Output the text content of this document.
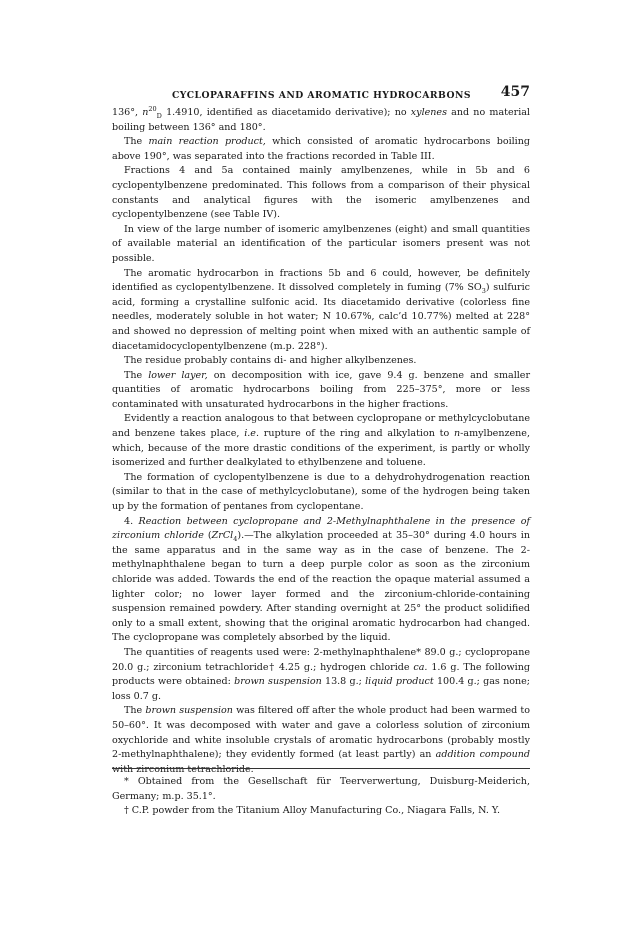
CYCLOPARAFFINS AND AROMATIC HYDROCARBONS 457

136°, $n^{20}_D$ 1.4910, identified as diacetamido derivative); no xylenes and no material boiling between 136° and 180°.

The main reaction product, which consisted of aromatic hydrocarbons boiling above 190°, was separated into the fractions recorded in Table III.

Fractions 4 and 5a contained mainly amylbenzenes, while in 5b and 6 cyclopentylbenzene predominated. This follows from a comparison of their physical constants and analytical figures with the isomeric amylbenzenes and cyclopentylbenzene (see Table IV).

In view of the large number of isomeric amylbenzenes (eight) and small quantities of available material an identification of the particular isomers present was not possible.

The aromatic hydrocarbon in fractions 5b and 6 could, however, be definitely identified as cyclopentylbenzene. It dissolved completely in fuming (7% $SO_3$) sulfuric acid, forming a crystalline sulfonic acid. Its diacetamido derivative (colorless fine needles, moderately soluble in hot water; N 10.67%, calc’d 10.77%) melted at 228° and showed no depression of melting point when mixed with an authentic sample of diacetamidocyclopentylbenzene (m.p. 228°).

The residue probably contains di- and higher alkylbenzenes.

The lower layer, on decomposition with ice, gave 9.4 g. benzene and smaller quantities of aromatic hydrocarbons boiling from 225–375°, more or less contaminated with unsaturated hydrocarbons in the higher fractions.

Evidently a reaction analogous to that between cyclopropane or methylcyclobutane and benzene takes place, i.e. rupture of the ring and alkylation to n-amylbenzene, which, because of the more drastic conditions of the experiment, is partly or wholly isomerized and further dealkylated to ethylbenzene and toluene.

The formation of cyclopentylbenzene is due to a dehydrohydrogenation reaction (similar to that in the case of methylcyclobutane), some of the hydrogen being taken up by the formation of pentanes from cyclopentane.

4. Reaction between cyclopropane and 2-Methylnaphthalene in the presence of zirconium chloride (ZrCl$_4$).—The alkylation proceeded at 35–30° during 4.0 hours in the same apparatus and in the same way as in the case of benzene. The 2-methylnaphthalene began to turn a deep purple color as soon as the zirconium chloride was added. Towards the end of the reaction the opaque material assumed a lighter color; no lower layer formed and the zirconium-chloride-containing suspension remained powdery. After standing overnight at 25° the product solidified only to a small extent, showing that the original aromatic hydrocarbon had changed. The cyclopropane was completely absorbed by the liquid.

The quantities of reagents used were: 2-methylnaphthalene* 89.0 g.; cyclopropane 20.0 g.; zirconium tetrachloride† 4.25 g.; hydrogen chloride ca. 1.6 g. The following products were obtained: brown suspension 13.8 g.; liquid product 100.4 g.; gas none; loss 0.7 g.

The brown suspension was filtered off after the whole product had been warmed to 50–60°. It was decomposed with water and gave a colorless solution of zirconium oxychloride and white insoluble crystals of aromatic hydrocarbons (probably mostly 2-methylnaphthalene); they evidently formed (at least partly) an addition compound with zirconium tetrachloride.

* Obtained from the Gesellschaft für Teerverwertung, Duisburg-Meiderich, Germany; m.p. 35.1°.

† C.P. powder from the Titanium Alloy Manufacturing Co., Niagara Falls, N. Y.
